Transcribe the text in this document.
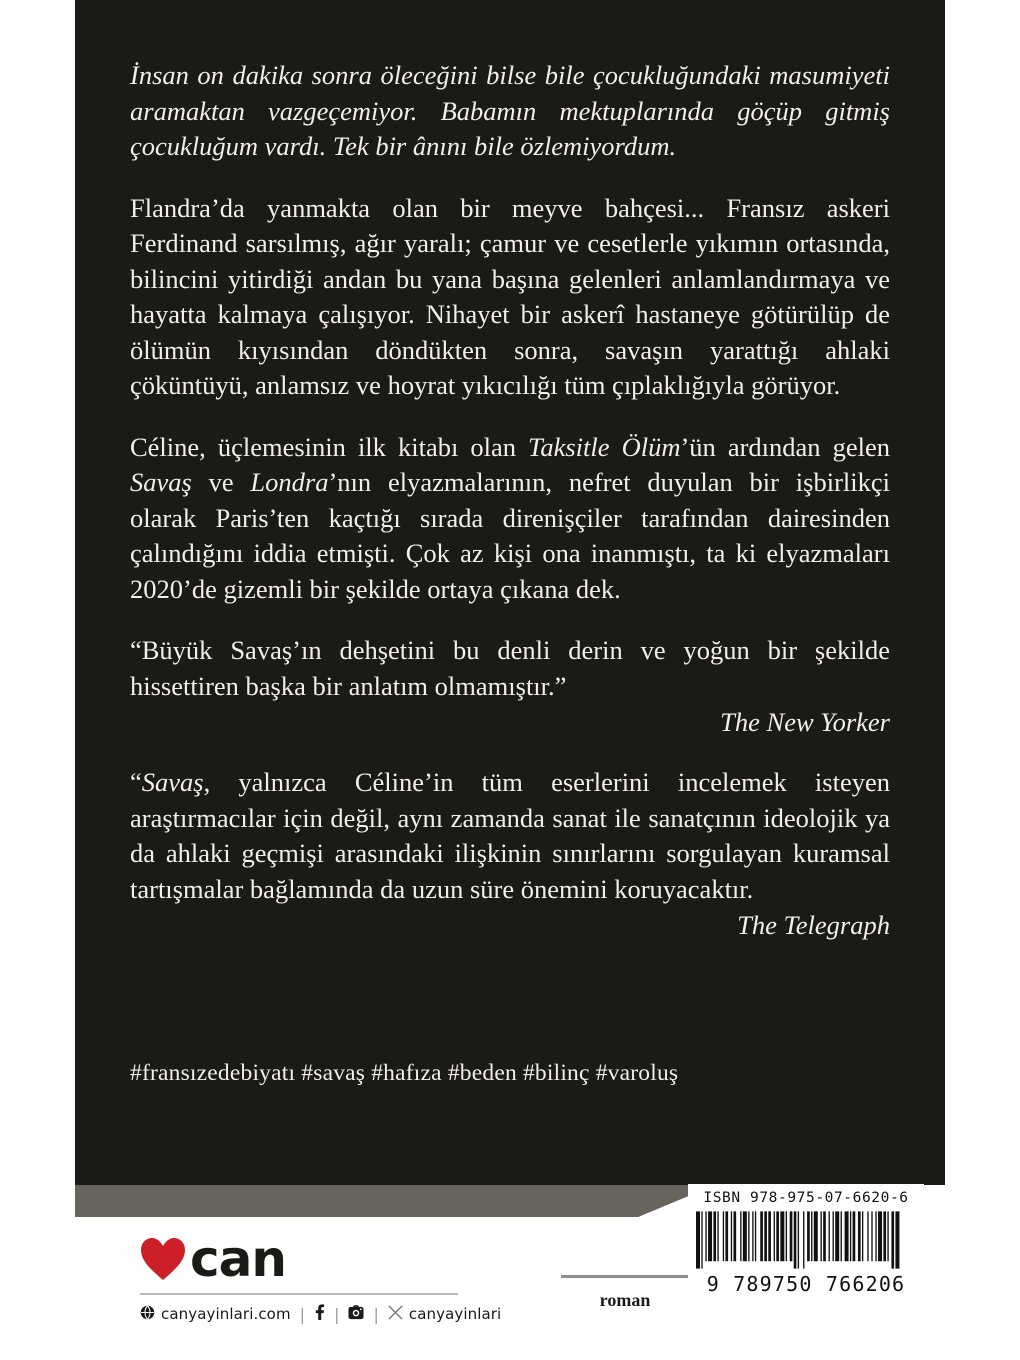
İnsan on dakika sonra öleceğini bilse bile çocukluğundaki masumiyeti aramaktan vazgeçemiyor. Babamın mektuplarında göçüp gitmiş çocukluğum vardı. Tek bir ânını bile özlemiyordum.

Flandra’da yanmakta olan bir meyve bahçesi... Fransız askeri Ferdinand sarsılmış, ağır yaralı; çamur ve cesetlerle yıkımın ortasında, bilincini yitirdiği andan bu yana başına gelenleri anlamlandırmaya ve hayatta kalmaya çalışıyor. Nihayet bir askerî hastaneye götürülüp de ölümün kıyısından döndükten sonra, savaşın yarattığı ahlaki çöküntüyü, anlamsız ve hoyrat yıkıcılığı tüm çıplaklığıyla görüyor.

Céline, üçlemesinin ilk kitabı olan Taksitle Ölüm’ün ardından gelen Savaş ve Londra’nın elyazmalarının, nefret duyulan bir işbirlikçi olarak Paris’ten kaçtığı sırada direnişçiler tarafından dairesinden çalındığını iddia etmişti. Çok az kişi ona inanmıştı, ta ki elyazmaları 2020’de gizemli bir şekilde ortaya çıkana dek.

“Büyük Savaş’ın dehşetini bu denli derin ve yoğun bir şekilde hissettiren başka bir anlatım olmamıştır.”

The New Yorker

“Savaş, yalnızca Céline’in tüm eserlerini incelemek isteyen araştırmacılar için değil, aynı zamanda sanat ile sanatçının ideolojik ya da ahlaki geçmişi arasındaki ilişkinin sınırlarını sorgulayan kuramsal tartışmalar bağlamında da uzun süre önemini koruyacaktır.

The Telegraph

#fransızedebiyatı #savaş #hafıza #beden #bilinç #varoluş
can
canyayinlari.com | | | canyayinlari
roman
ISBN 978-975-07-6620-6
9 789750 766206
